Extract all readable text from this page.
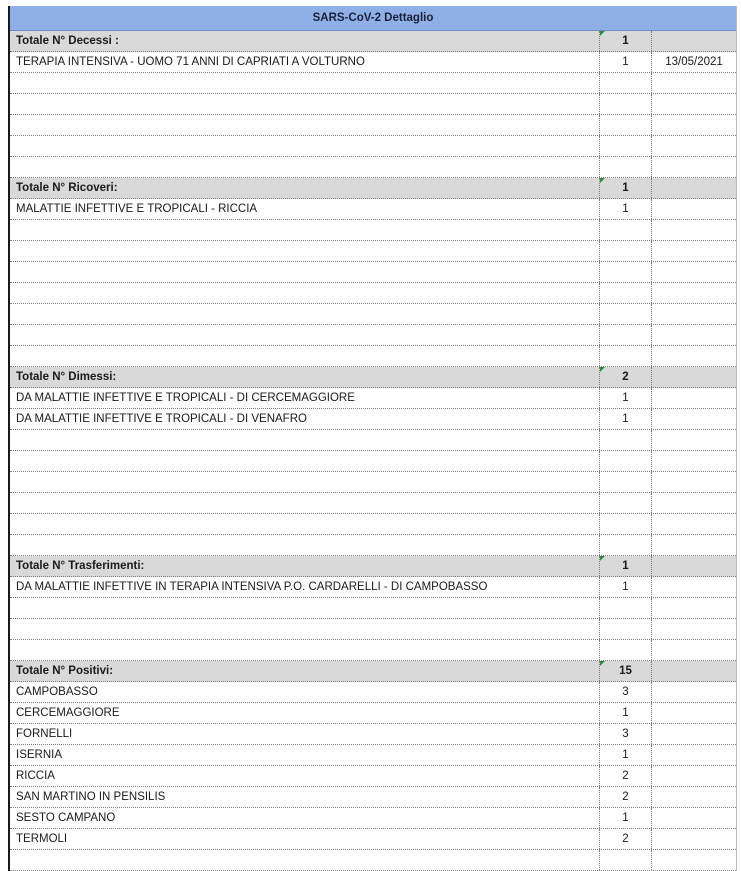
SARS-CoV-2 Dettaglio
Totale N° Decessi :	1
TERAPIA INTENSIVA - UOMO 71 ANNI DI CAPRIATI A VOLTURNO	1	13/05/2021
Totale N° Ricoveri:	1
MALATTIE INFETTIVE E TROPICALI - RICCIA	1
Totale N° Dimessi:	2
DA MALATTIE INFETTIVE E TROPICALI - DI CERCEMAGGIORE	1
DA MALATTIE INFETTIVE E TROPICALI - DI VENAFRO	1
Totale N° Trasferimenti:	1
DA MALATTIE INFETTIVE IN TERAPIA INTENSIVA P.O. CARDARELLI - DI CAMPOBASSO	1
Totale N° Positivi:	15
CAMPOBASSO	3
CERCEMAGGIORE	1
FORNELLI	3
ISERNIA	1
RICCIA	2
SAN MARTINO IN PENSILIS	2
SESTO CAMPANO	1
TERMOLI	2
